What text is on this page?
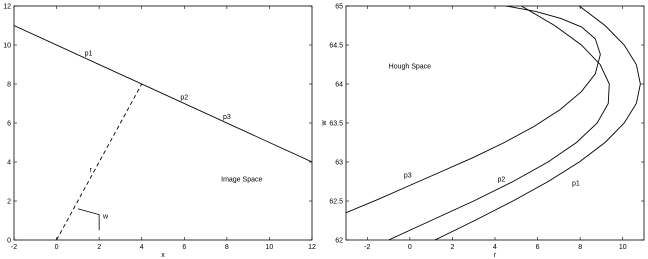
-2	0	2	4	6	8	10	12
0
2
4
6
8
10
12
x
p1
p2
p3
Image Space
r
w
-2	0	2	4	6	8	10
62
62.5
63
63.5
64
64.5
65
r
w
Hough Space
p3
p2
p1
